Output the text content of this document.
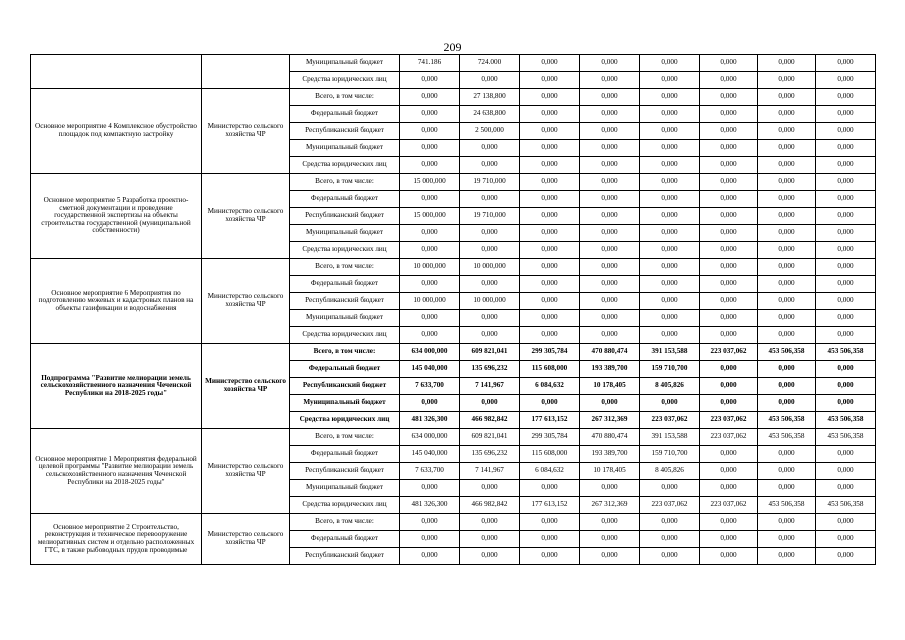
209
		Муниципальный бюджет	741.186	724.000	0,000	0,000	0,000	0,000	0,000	0,000
		Средства юридических лиц	0,000	0,000	0,000	0,000	0,000	0,000	0,000	0,000
Основное мероприятие 4 Комплексное обустройство площадок под компактную застройку	Министерство сельского хозяйства ЧР	Всего, в том числе:	0,000	27 138,800	0,000	0,000	0,000	0,000	0,000	0,000
		Федеральный бюджет	0,000	24 638,800	0,000	0,000	0,000	0,000	0,000	0,000
		Республиканский бюджет	0,000	2 500,000	0,000	0,000	0,000	0,000	0,000	0,000
		Муниципальный бюджет	0,000	0,000	0,000	0,000	0,000	0,000	0,000	0,000
		Средства юридических лиц	0,000	0,000	0,000	0,000	0,000	0,000	0,000	0,000
Основное мероприятие 5 Разработка проектно-сметной документации и проведение государственной экспертизы на объекты строительства государственной (муниципальной собственности)	Министерство сельского хозяйства ЧР	Всего, в том числе:	15 000,000	19 710,000	0,000	0,000	0,000	0,000	0,000	0,000
		Федеральный бюджет	0,000	0,000	0,000	0,000	0,000	0,000	0,000	0,000
		Республиканский бюджет	15 000,000	19 710,000	0,000	0,000	0,000	0,000	0,000	0,000
		Муниципальный бюджет	0,000	0,000	0,000	0,000	0,000	0,000	0,000	0,000
		Средства юридических лиц	0,000	0,000	0,000	0,000	0,000	0,000	0,000	0,000
Основное мероприятие 6 Мероприятия по подготовлению межевых и кадастровых планов на объекты газификации и водоснабжения	Министерство сельского хозяйства ЧР	Всего, в том числе:	10 000,000	10 000,000	0,000	0,000	0,000	0,000	0,000	0,000
		Федеральный бюджет	0,000	0,000	0,000	0,000	0,000	0,000	0,000	0,000
		Республиканский бюджет	10 000,000	10 000,000	0,000	0,000	0,000	0,000	0,000	0,000
		Муниципальный бюджет	0,000	0,000	0,000	0,000	0,000	0,000	0,000	0,000
		Средства юридических лиц	0,000	0,000	0,000	0,000	0,000	0,000	0,000	0,000
Подпрограмма "Развитие мелиорации земель сельскохозяйственного назначения Чеченской Республики на 2018-2025 годы"	Министерство сельского хозяйства ЧР	Всего, в том числе:	634 000,000	609 821,041	299 305,784	470 880,474	391 153,588	223 037,062	453 506,358	453 506,358
		Федеральный бюджет	145 040,000	135 696,232	115 608,000	193 389,700	159 710,700	0,000	0,000	0,000
		Республиканский бюджет	7 633,700	7 141,967	6 084,632	10 178,405	8 405,826	0,000	0,000	0,000
		Муниципальный бюджет	0,000	0,000	0,000	0,000	0,000	0,000	0,000	0,000
		Средства юридических лиц	481 326,300	466 982,842	177 613,152	267 312,369	223 037,062	223 037,062	453 506,358	453 506,358
Основное мероприятие 1 Мероприятия федеральной целевой программы "Развитие мелиорации земель сельскохозяйственного назначения Чеченской Республики на 2018-2025 годы"	Министерство сельского хозяйства ЧР	Всего, в том числе:	634 000,000	609 821,041	299 305,784	470 880,474	391 153,588	223 037,062	453 506,358	453 506,358
		Федеральный бюджет	145 040,000	135 696,232	115 608,000	193 389,700	159 710,700	0,000	0,000	0,000
		Республиканский бюджет	7 633,700	7 141,967	6 084,632	10 178,405	8 405,826	0,000	0,000	0,000
		Муниципальный бюджет	0,000	0,000	0,000	0,000	0,000	0,000	0,000	0,000
		Средства юридических лиц	481 326,300	466 982,842	177 613,152	267 312,369	223 037,062	223 037,062	453 506,358	453 506,358
Основное мероприятие 2 Строительство, реконструкция и техническое перевооружение мелиоративных систем и отдельно расположенных ГТС, в также рыбоводных прудов проводимые	Министерство сельского хозяйства ЧР	Всего, в том числе:	0,000	0,000	0,000	0,000	0,000	0,000	0,000	0,000
		Федеральный бюджет	0,000	0,000	0,000	0,000	0,000	0,000	0,000	0,000
		Республиканский бюджет	0,000	0,000	0,000	0,000	0,000	0,000	0,000	0,000
